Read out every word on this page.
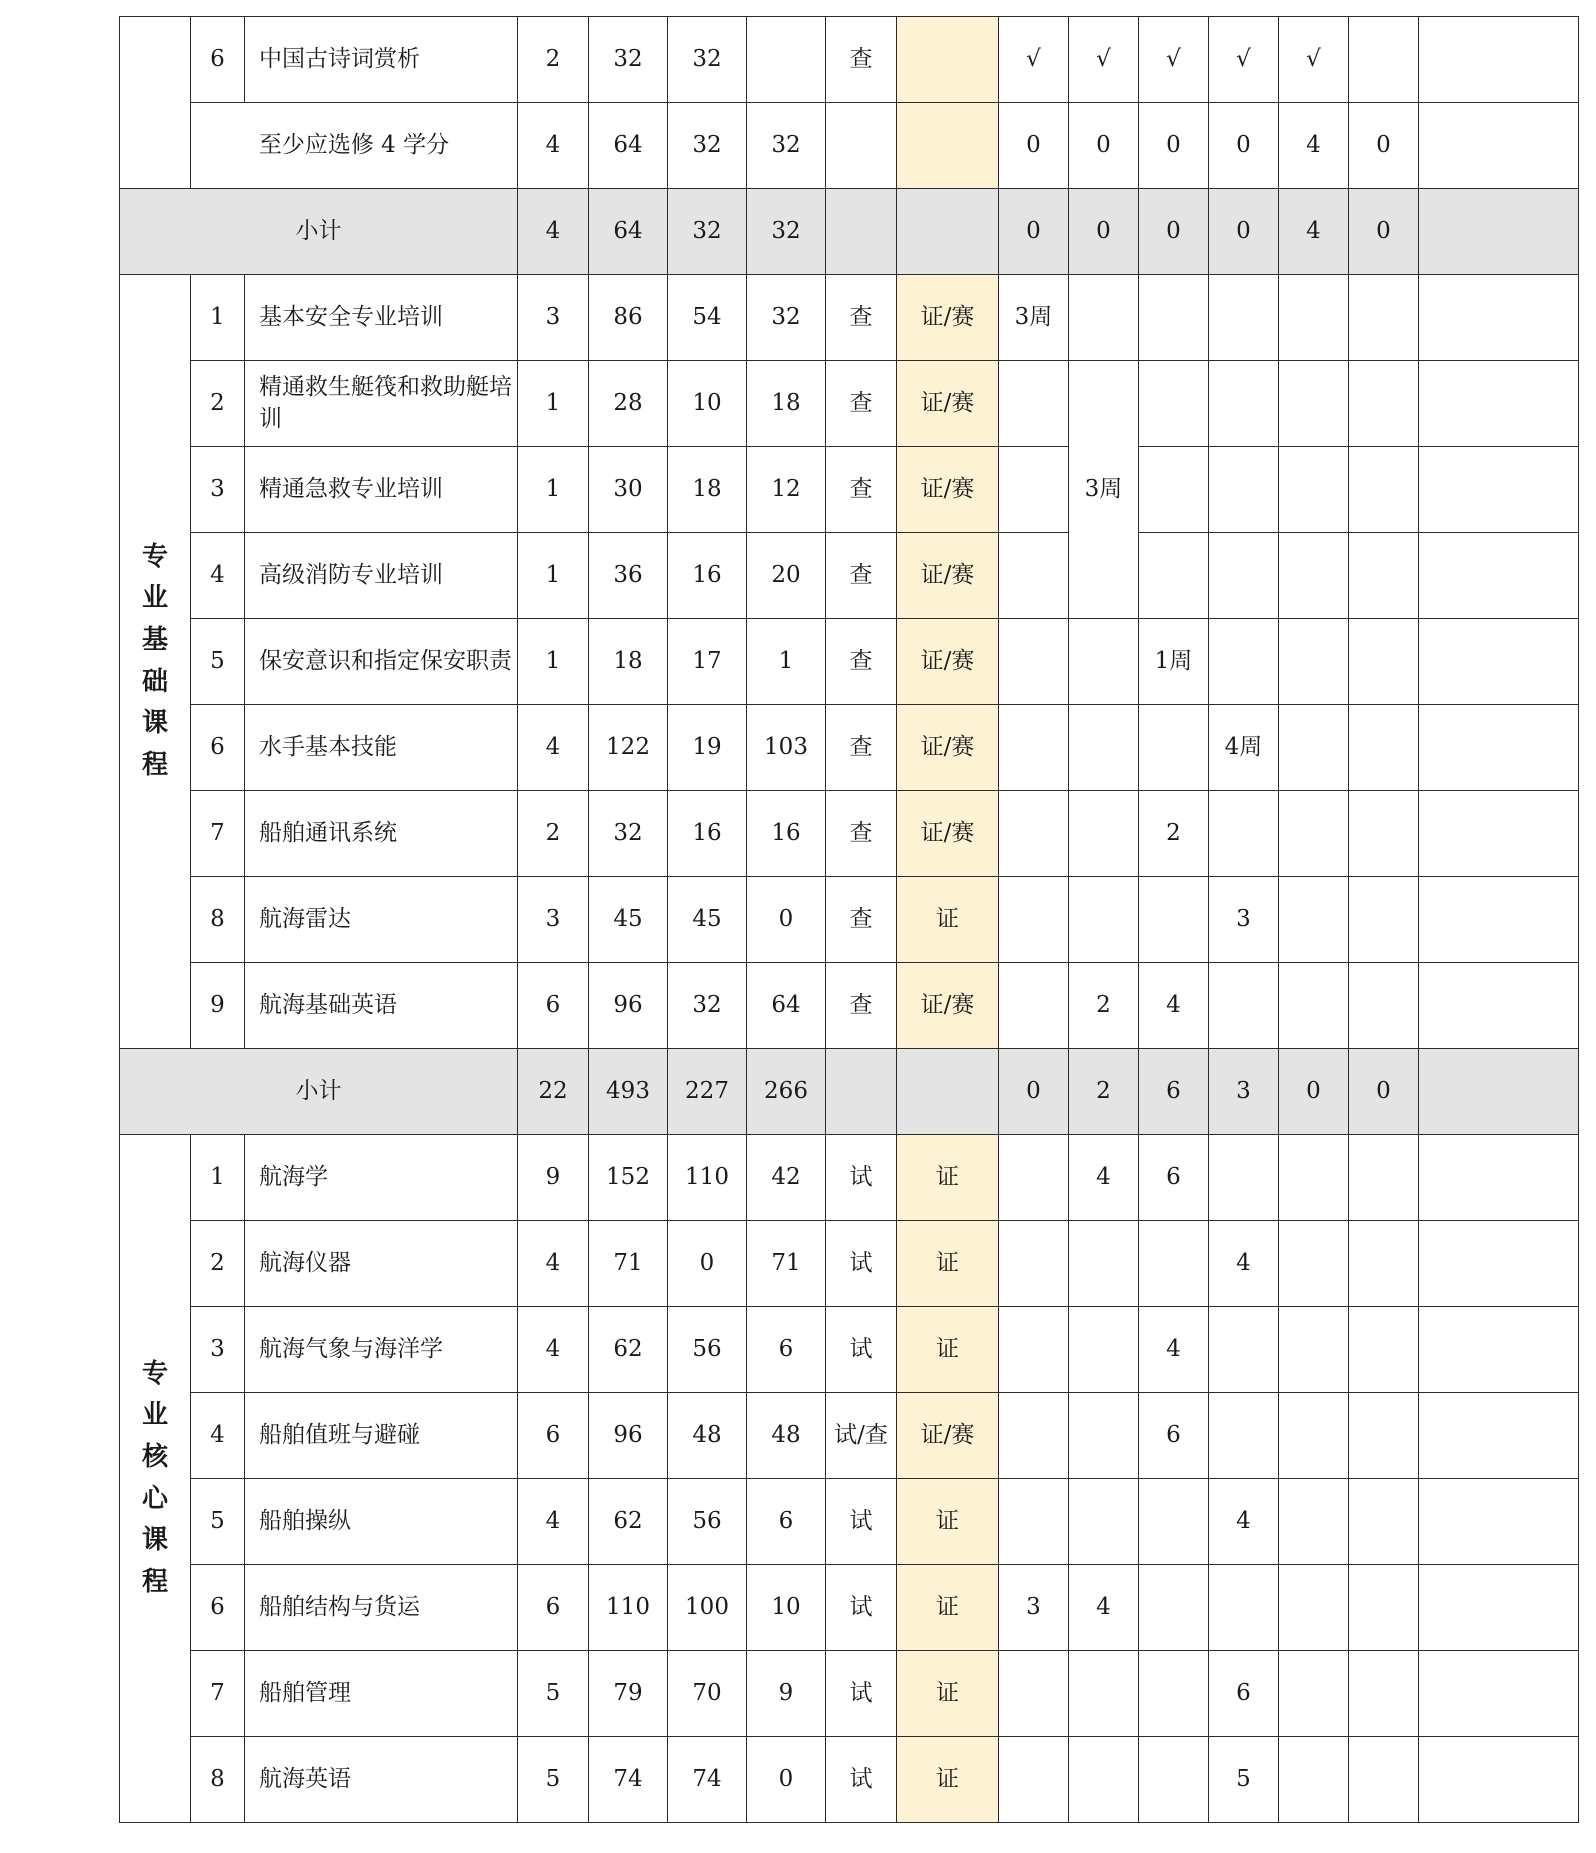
	6	中国古诗词赏析	2	32	32		查		√	√	√	√	√		
	至少应选修 4 学分		4	64	32	32			0	0	0	0	4	0	
小计			4	64	32	32			0	0	0	0	4	0	
专业基础课程	1	基本安全专业培训	3	86	54	32	查	证/赛	3周						
	2	精通救生艇筏和救助艇培训	1	28	10	18	查	证/赛		3周					
	3	精通急救专业培训	1	30	18	12	查	证/赛							
	4	高级消防专业培训	1	36	16	20	查	证/赛							
	5	保安意识和指定保安职责	1	18	17	1	查	证/赛			1周				
	6	水手基本技能	4	122	19	103	查	证/赛				4周			
	7	船舶通讯系统	2	32	16	16	查	证/赛			2				
	8	航海雷达	3	45	45	0	查	证				3			
	9	航海基础英语	6	96	32	64	查	证/赛		2	4				
小计			22	493	227	266			0	2	6	3	0	0	
专业核心课程	1	航海学	9	152	110	42	试	证		4	6				
	2	航海仪器	4	71	0	71	试	证				4			
	3	航海气象与海洋学	4	62	56	6	试	证			4				
	4	船舶值班与避碰	6	96	48	48	试/查	证/赛			6				
	5	船舶操纵	4	62	56	6	试	证				4			
	6	船舶结构与货运	6	110	100	10	试	证	3	4					
	7	船舶管理	5	79	70	9	试	证				6			
	8	航海英语	5	74	74	0	试	证				5			
